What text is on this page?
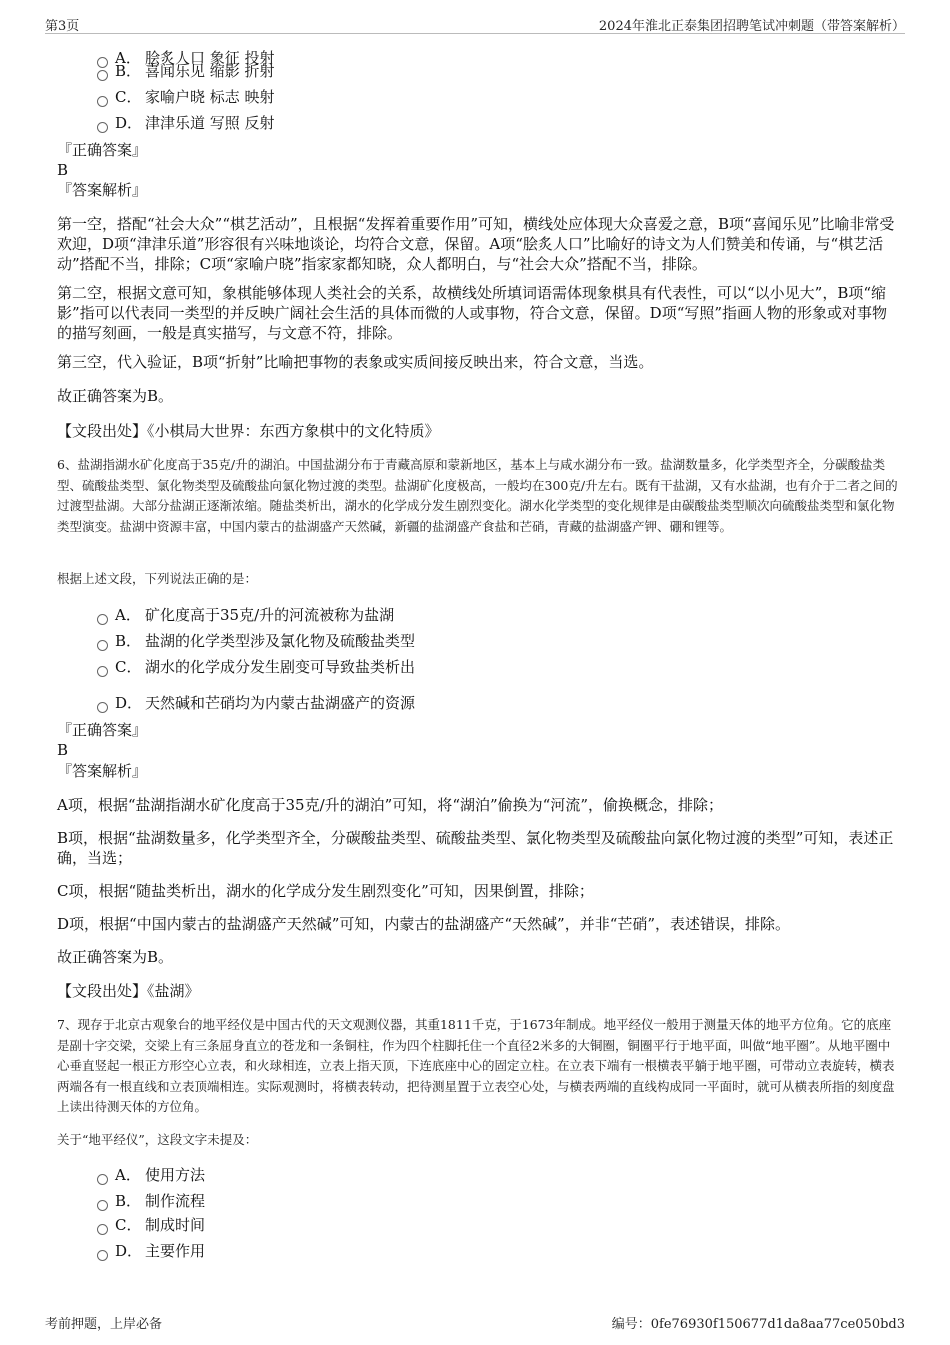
第3页	2024年淮北正泰集团招聘笔试冲刺题（带答案解析）
A． 脍炙人口 象征 投射
B． 喜闻乐见 缩影 折射
C． 家喻户晓 标志 映射
D． 津津乐道 写照 反射
『正确答案』
B
『答案解析』
第一空，搭配“社会大众”“棋艺活动”，且根据“发挥着重要作用”可知，横线处应体现大众喜爱之意，B项“喜闻乐见”比喻非常受欢迎，D项“津津乐道”形容很有兴味地谈论，均符合文意，保留。A项“脍炙人口”比喻好的诗文为人们赞美和传诵，与“棋艺活动”搭配不当，排除；C项“家喻户晓”指家家都知晓，众人都明白，与“社会大众”搭配不当，排除。
第二空，根据文意可知，象棋能够体现人类社会的关系，故横线处所填词语需体现象棋具有代表性，可以“以小见大”，B项“缩影”指可以代表同一类型的并反映广阔社会生活的具体而微的人或事物，符合文意，保留。D项“写照”指画人物的形象或对事物的描写刻画，一般是真实描写，与文意不符，排除。
第三空，代入验证，B项“折射”比喻把事物的表象或实质间接反映出来，符合文意，当选。
故正确答案为B。
【文段出处】《小棋局大世界：东西方象棋中的文化特质》
6、盐湖指湖水矿化度高于35克/升的湖泊。中国盐湖分布于青藏高原和蒙新地区，基本上与咸水湖分布一致。盐湖数量多，化学类型齐全，分碳酸盐类型、硫酸盐类型、氯化物类型及硫酸盐向氯化物过渡的类型。盐湖矿化度极高，一般均在300克/升左右。既有干盐湖，又有水盐湖，也有介于二者之间的过渡型盐湖。大部分盐湖正逐渐浓缩。随盐类析出，湖水的化学成分发生剧烈变化。湖水化学类型的变化规律是由碳酸盐类型顺次向硫酸盐类型和氯化物类型演变。盐湖中资源丰富，中国内蒙古的盐湖盛产天然碱，新疆的盐湖盛产食盐和芒硝，青藏的盐湖盛产钾、硼和锂等。
根据上述文段，下列说法正确的是：
A． 矿化度高于35克/升的河流被称为盐湖
B． 盐湖的化学类型涉及氯化物及硫酸盐类型
C． 湖水的化学成分发生剧变可导致盐类析出
D． 天然碱和芒硝均为内蒙古盐湖盛产的资源
『正确答案』
B
『答案解析』
A项，根据“盐湖指湖水矿化度高于35克/升的湖泊”可知，将“湖泊”偷换为“河流”，偷换概念，排除；
B项，根据“盐湖数量多，化学类型齐全，分碳酸盐类型、硫酸盐类型、氯化物类型及硫酸盐向氯化物过渡的类型”可知，表述正确，当选；
C项，根据“随盐类析出，湖水的化学成分发生剧烈变化”可知，因果倒置，排除；
D项，根据“中国内蒙古的盐湖盛产天然碱”可知，内蒙古的盐湖盛产“天然碱”，并非“芒硝”，表述错误，排除。
故正确答案为B。
【文段出处】《盐湖》
7、现存于北京古观象台的地平经仪是中国古代的天文观测仪器，其重1811千克，于1673年制成。地平经仪一般用于测量天体的地平方位角。它的底座是副十字交梁，交梁上有三条屈身直立的苍龙和一条铜柱，作为四个柱脚托住一个直径2米多的大铜圈，铜圈平行于地平面，叫做“地平圈”。从地平圈中心垂直竖起一根正方形空心立表，和火球相连，立表上指天顶，下连底座中心的固定立柱。在立表下端有一根横表平躺于地平圈，可带动立表旋转，横表两端各有一根直线和立表顶端相连。实际观测时，将横表转动，把待测星置于立表空心处，与横表两端的直线构成同一平面时，就可从横表所指的刻度盘上读出待测天体的方位角。
关于“地平经仪”，这段文字未提及：
A． 使用方法
B． 制作流程
C． 制成时间
D． 主要作用
考前押题，上岸必备	编号：0fe76930f150677d1da8aa77ce050bd3
